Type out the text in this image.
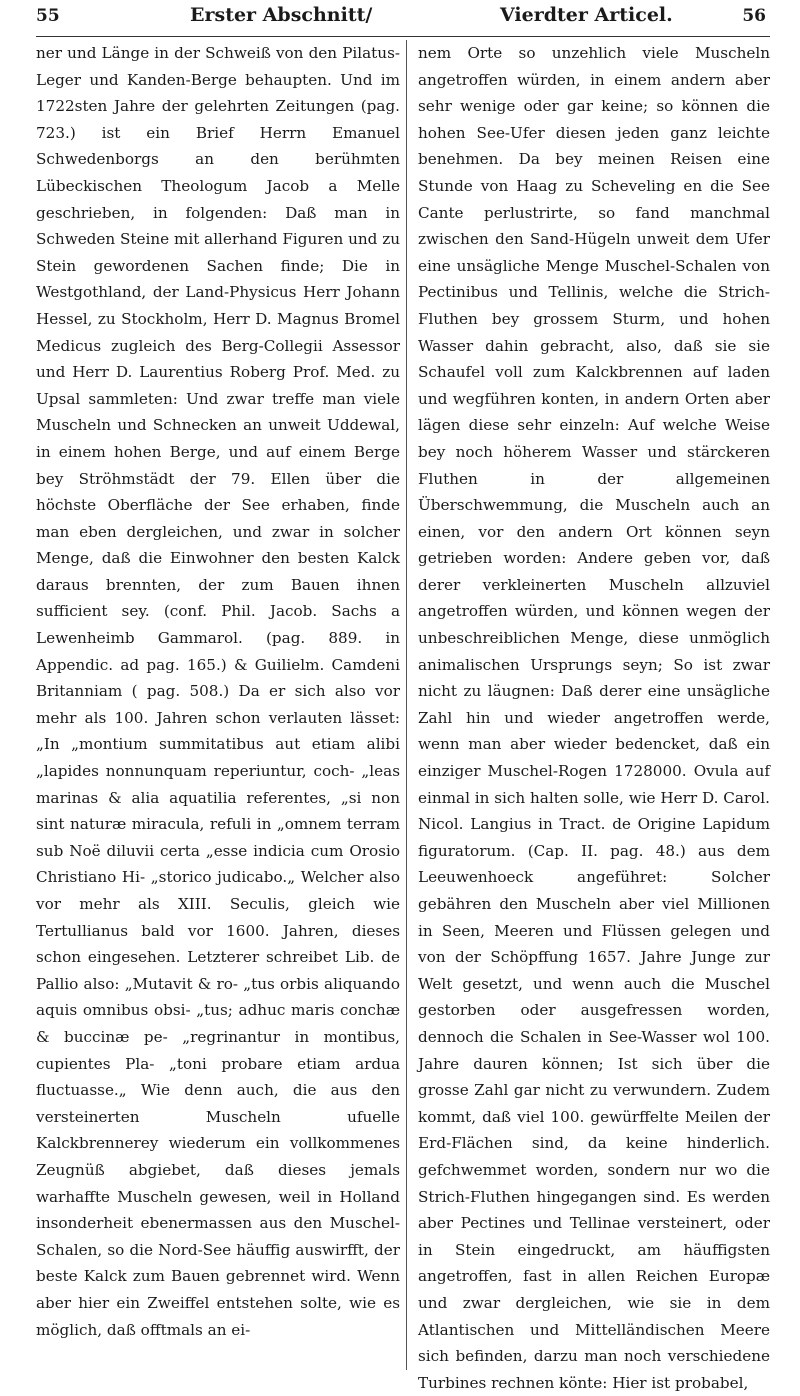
55	Erster Abschnitt/	Vierdter Articel.	56

ner und Länge in der Schweiß von den Pilatus-Leger und Kanden-Berge behaupten. Und im 1722sten Jahre der gelehrten Zeitungen (pag. 723.) ist ein Brief Herrn Emanuel Schwedenborgs an den berühmten Lübeckischen Theologum Jacob a Melle geschrieben, in folgenden: Daß man in Schweden Steine mit allerhand Figuren und zu Stein gewordenen Sachen finde; Die in Westgothland, der Land-Physicus Herr Johann Hessel, zu Stockholm, Herr D. Magnus Bromel Medicus zugleich des Berg-Collegii Assessor und Herr D. Laurentius Roberg Prof. Med. zu Upsal sammleten: Und zwar treffe man viele Muscheln und Schnecken an unweit Uddewal, in einem hohen Berge, und auf einem Berge bey Ströhmstädt der 79. Ellen über die höchste Oberfläche der See erhaben, finde man eben dergleichen, und zwar in solcher Menge, daß die Einwohner den besten Kalck daraus brennten, der zum Bauen ihnen sufficient sey. (conf. Phil. Jacob. Sachs a Lewenheimb Gammarol. (pag. 889. in Appendic. ad pag. 165.) & Guilielm. Camdeni Britanniam ( pag. 508.) Da er sich also vor mehr als 100. Jahren schon verlauten lässet: „In „montium summitatibus aut etiam alibi „lapides nonnunquam reperiuntur, coch- „leas marinas & alia aquatilia referentes, „si non sint naturæ miracula, refuli in „omnem terram sub Noë diluvii certa „esse indicia cum Orosio Christiano Hi- „storico judicabo.„ Welcher also vor mehr als XIII. Seculis, gleich wie Tertullianus bald vor 1600. Jahren, dieses schon eingesehen. Letzterer schreibet Lib. de Pallio also: „Mutavit & ro- „tus orbis aliquando aquis omnibus obsi- „tus; adhuc maris conchæ & buccinæ pe- „regrinantur in montibus, cupientes Pla- „toni probare etiam ardua fluctuasse.„ Wie denn auch, die aus den versteinerten Muscheln ufuelle Kalckbrennerey wiederum ein vollkommenes Zeugnüß abgiebet, daß dieses jemals warhaffte Muscheln gewesen, weil in Holland insonderheit ebenermassen aus den Muschel-Schalen, so die Nord-See häuffig auswirfft, der beste Kalck zum Bauen gebrennet wird. Wenn aber hier ein Zweiffel entstehen solte, wie es möglich, daß offtmals an ei-

nem Orte so unzehlich viele Muscheln angetroffen würden, in einem andern aber sehr wenige oder gar keine; so können die hohen See-Ufer diesen jeden ganz leichte benehmen. Da bey meinen Reisen eine Stunde von Haag zu Scheveling en die See Cante perlustrirte, so fand manchmal zwischen den Sand-Hügeln unweit dem Ufer eine unsägliche Menge Muschel-Schalen von Pectinibus und Tellinis, welche die Strich-Fluthen bey grossem Sturm, und hohen Wasser dahin gebracht, also, daß sie sie Schaufel voll zum Kalckbrennen auf laden und wegführen konten, in andern Orten aber lägen diese sehr einzeln: Auf welche Weise bey noch höherem Wasser und stärckeren Fluthen in der allgemeinen Überschwemmung, die Muscheln auch an einen, vor den andern Ort können seyn getrieben worden: Andere geben vor, daß derer verkleinerten Muscheln allzuviel angetroffen würden, und können wegen der unbeschreiblichen Menge, diese unmöglich animalischen Ursprungs seyn; So ist zwar nicht zu läugnen: Daß derer eine unsägliche Zahl hin und wieder angetroffen werde, wenn man aber wieder bedencket, daß ein einziger Muschel-Rogen 1728000. Ovula auf einmal in sich halten solle, wie Herr D. Carol. Nicol. Langius in Tract. de Origine Lapidum figuratorum. (Cap. II. pag. 48.) aus dem Leeuwenhoeck angeführet: Solcher gebähren den Muscheln aber viel Millionen in Seen, Meeren und Flüssen gelegen und von der Schöpffung 1657. Jahre Junge zur Welt gesetzt, und wenn auch die Muschel gestorben oder ausgefressen worden, dennoch die Schalen in See-Wasser wol 100. Jahre dauren können; Ist sich über die grosse Zahl gar nicht zu verwundern. Zudem kommt, daß viel 100. gewürffelte Meilen der Erd-Flächen sind, da keine hinderlich. gefchwemmet worden, sondern nur wo die Strich-Fluthen hingegangen sind. Es werden aber Pectines und Tellinae versteinert, oder in Stein eingedruckt, am häuffigsten angetroffen, fast in allen Reichen Europæ und zwar dergleichen, wie sie in dem Atlantischen und Mittelländischen Meere sich befinden, darzu man noch verschiedene Turbines rechnen könte: Hier ist probabel,
